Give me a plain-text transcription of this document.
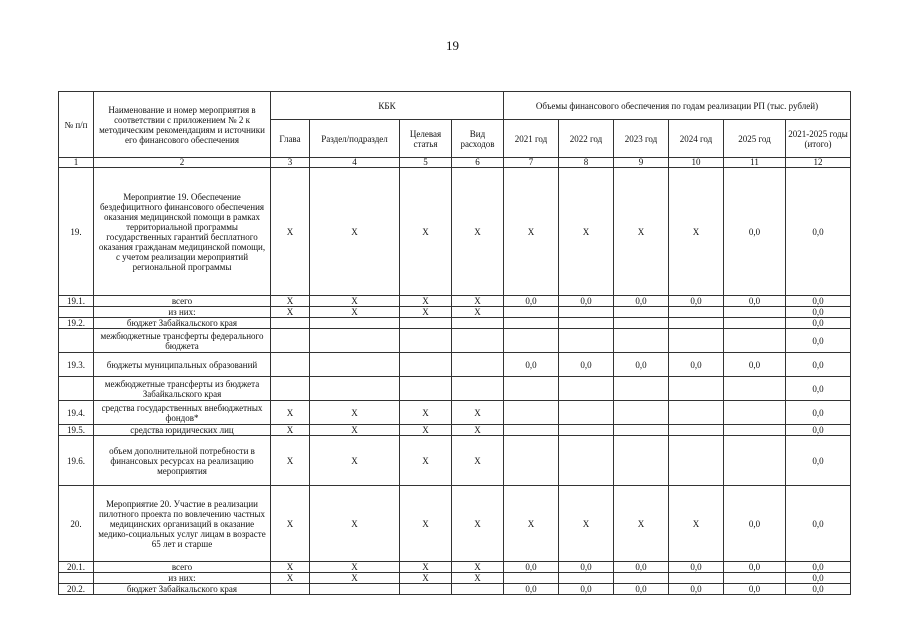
19
№ п/п	Наименование и номер мероприятия в соответствии с приложением № 2 к методическим рекомендациям и источники его финансового обеспечения	КБК				Объемы финансового обеспечения по годам реализации РП (тыс. рублей)					
		Глава	Раздел/подраздел	Целевая статья	Вид расходов	2021 год	2022 год	2023 год	2024 год	2025 год	2021-2025 годы (итого)
1	2	3	4	5	6	7	8	9	10	11	12
19.	Мероприятие 19. Обеспечение бездефицитного финансового обеспечения оказания медицинской помощи в рамках территориальной программы государственных гарантий бесплатного оказания гражданам медицинской помощи, с учетом реализации мероприятий региональной программы	X	X	X	X	X	X	X	X	0,0	0,0
19.1.	всего	X	X	X	X	0,0	0,0	0,0	0,0	0,0	0,0
	из них:	X	X	X	X						0,0
19.2.	бюджет Забайкальского края										0,0
	межбюджетные трансферты федерального бюджета										0,0
19.3.	бюджеты муниципальных образований					0,0	0,0	0,0	0,0	0,0	0,0
	межбюджетные трансферты из бюджета Забайкальского края										0,0
19.4.	средства государственных внебюджетных фондов*	X	X	X	X						0,0
19.5.	средства юридических лиц	X	X	X	X						0,0
19.6.	объем дополнительной потребности в финансовых ресурсах на реализацию мероприятия	X	X	X	X						0,0
20.	Мероприятие 20. Участие в реализации пилотного проекта по вовлечению частных медицинских организаций в оказание медико-социальных услуг лицам в возрасте 65 лет и старше	X	X	X	X	X	X	X	X	0,0	0,0
20.1.	всего	X	X	X	X	0,0	0,0	0,0	0,0	0,0	0,0
	из них:	X	X	X	X						0,0
20.2.	бюджет Забайкальского края					0,0	0,0	0,0	0,0	0,0	0,0
